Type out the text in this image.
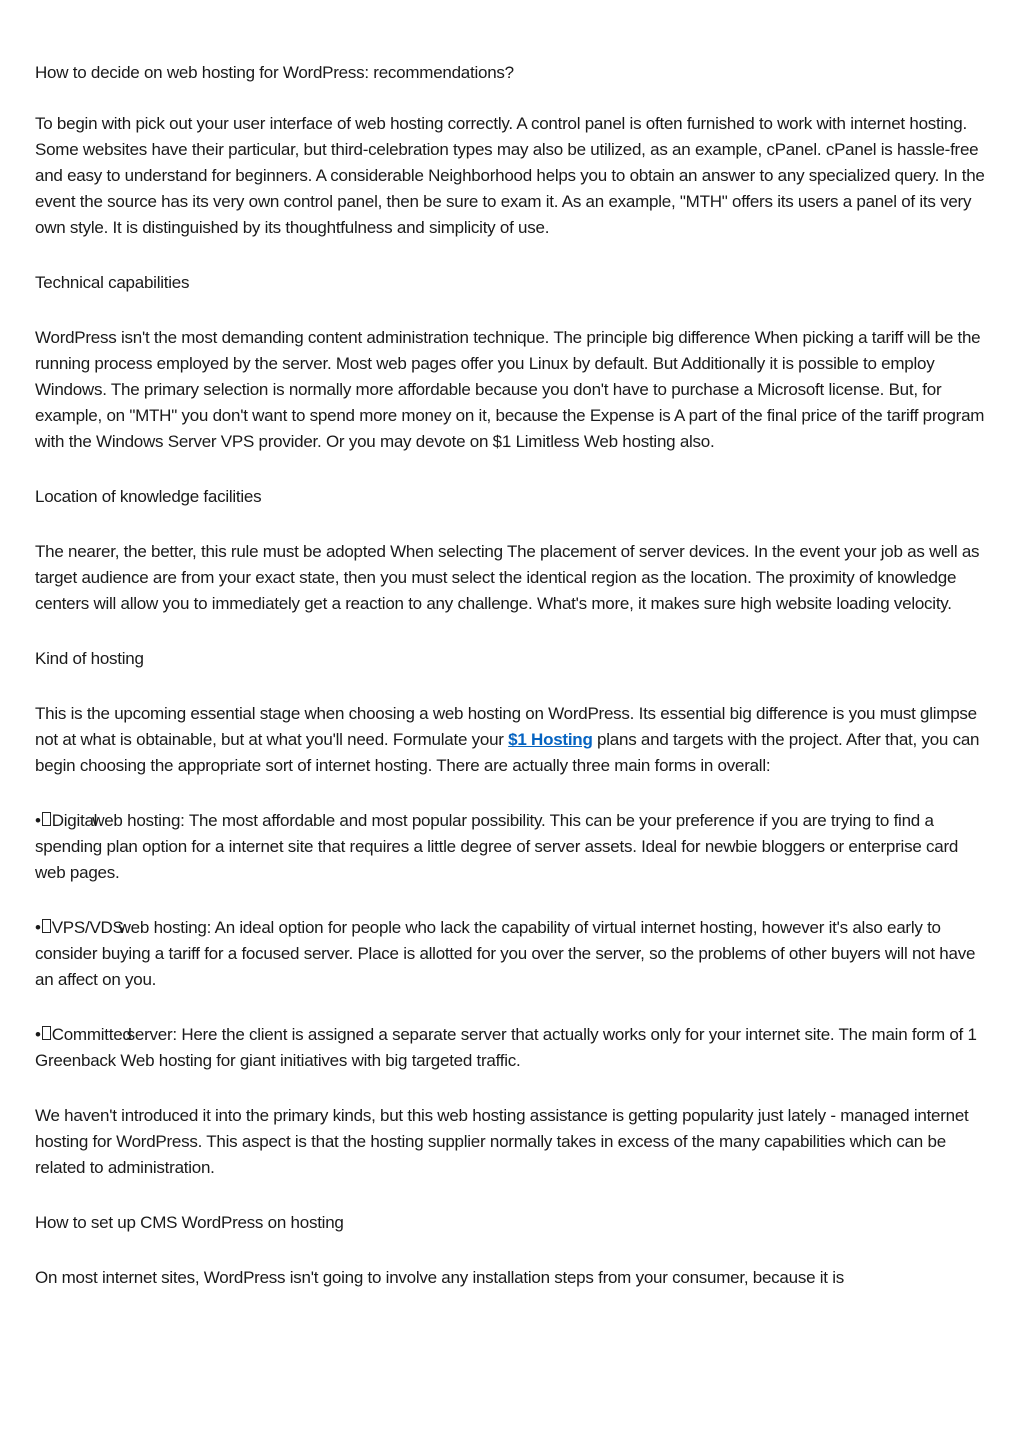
How to decide on web hosting for WordPress: recommendations?

To begin with pick out your user interface of web hosting correctly. A control panel is often furnished to work with internet hosting. Some websites have their particular, but third-celebration types may also be utilized, as an example, cPanel. cPanel is hassle-free and easy to understand for beginners. A considerable Neighborhood helps you to obtain an answer to any specialized query. In the event the source has its very own control panel, then be sure to exam it. As an example, "MTH" offers its users a panel of its very own style. It is distinguished by its thoughtfulness and simplicity of use.

Technical capabilities

WordPress isn't the most demanding content administration technique. The principle big difference When picking a tariff will be the running process employed by the server. Most web pages offer you Linux by default. But Additionally it is possible to employ Windows. The primary selection is normally more affordable because you don't have to purchase a Microsoft license. But, for example, on "MTH" you don't want to spend more money on it, because the Expense is A part of the final price of the tariff program with the Windows Server VPS provider. Or you may devote on $1 Limitless Web hosting also.

Location of knowledge facilities

The nearer, the better, this rule must be adopted When selecting The placement of server devices. In the event your job as well as target audience are from your exact state, then you must select the identical region as the location. The proximity of knowledge centers will allow you to immediately get a reaction to any challenge. What's more, it makes sure high website loading velocity.

Kind of hosting

This is the upcoming essential stage when choosing a web hosting on WordPress. Its essential big difference is you must glimpse not at what is obtainable, but at what you'll need. Formulate your $1 Hosting plans and targets with the project. After that, you can begin choosing the appropriate sort of internet hosting. There are actually three main forms in overall:

• Digitalweb hosting: The most affordable and most popular possibility. This can be your preference if you are trying to find a spending plan option for a internet site that requires a little degree of server assets. Ideal for newbie bloggers or enterprise card web pages.

• VPS/VDSweb hosting: An ideal option for people who lack the capability of virtual internet hosting, however it's also early to consider buying a tariff for a focused server. Place is allotted for you over the server, so the problems of other buyers will not have an affect on you.

• Committedserver: Here the client is assigned a separate server that actually works only for your internet site. The main form of 1 Greenback Web hosting for giant initiatives with big targeted traffic.

We haven't introduced it into the primary kinds, but this web hosting assistance is getting popularity just lately - managed internet hosting for WordPress. This aspect is that the hosting supplier normally takes in excess of the many capabilities which can be related to administration.

How to set up CMS WordPress on hosting

On most internet sites, WordPress isn't going to involve any installation steps from your consumer, because it is
